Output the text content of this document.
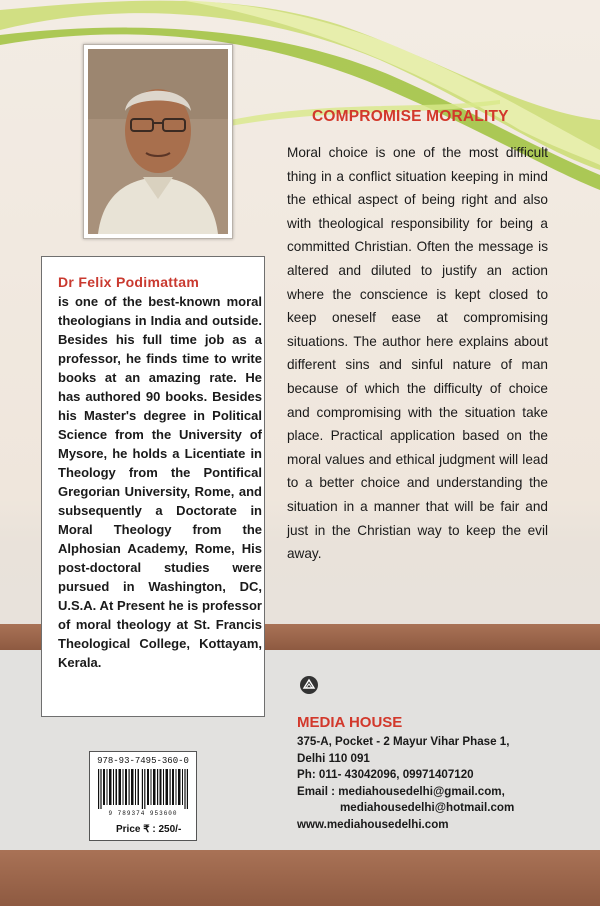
Dr Felix Podimattam
is one of the best-known moral theologians in India and outside. Besides his full time job as a professor, he finds time to write books at an amazing rate. He has authored 90 books. Besides his Master's degree in Political Science from the University of Mysore, he holds a Licentiate in Theology from the Pontifical Gregorian University, Rome, and subsequently a Doctorate in Moral Theology from the Alphosian Academy, Rome, His post-doctoral studies were pursued in Washington, DC, U.S.A. At Present he is professor of moral theology at St. Francis Theological College, Kottayam, Kerala.
COMPROMISE MORALITY
Moral choice is one of the most difficult thing in a conflict situation keeping in mind the ethical aspect of being right and also with theological responsibility for being a committed Christian. Often the message is altered and diluted to justify an action where the conscience is kept closed to keep oneself ease at compromising situations. The author here explains about different sins and sinful nature of man because of which the difficulty of choice and compromising with the situation take place. Practical application based on the moral values and ethical judgment will lead to a better choice and understanding the situation in a manner that will be fair and just in the Christian way to keep the evil away.
MEDIA HOUSE
375-A, Pocket - 2 Mayur Vihar Phase 1,
Delhi 110 091
Ph: 011- 43042096, 09971407120
Email : mediahousedelhi@gmail.com,
mediahousedelhi@hotmail.com
www.mediahousedelhi.com
978-93-7495-360-0
9 789374 953600
Price ₹ : 250/-
